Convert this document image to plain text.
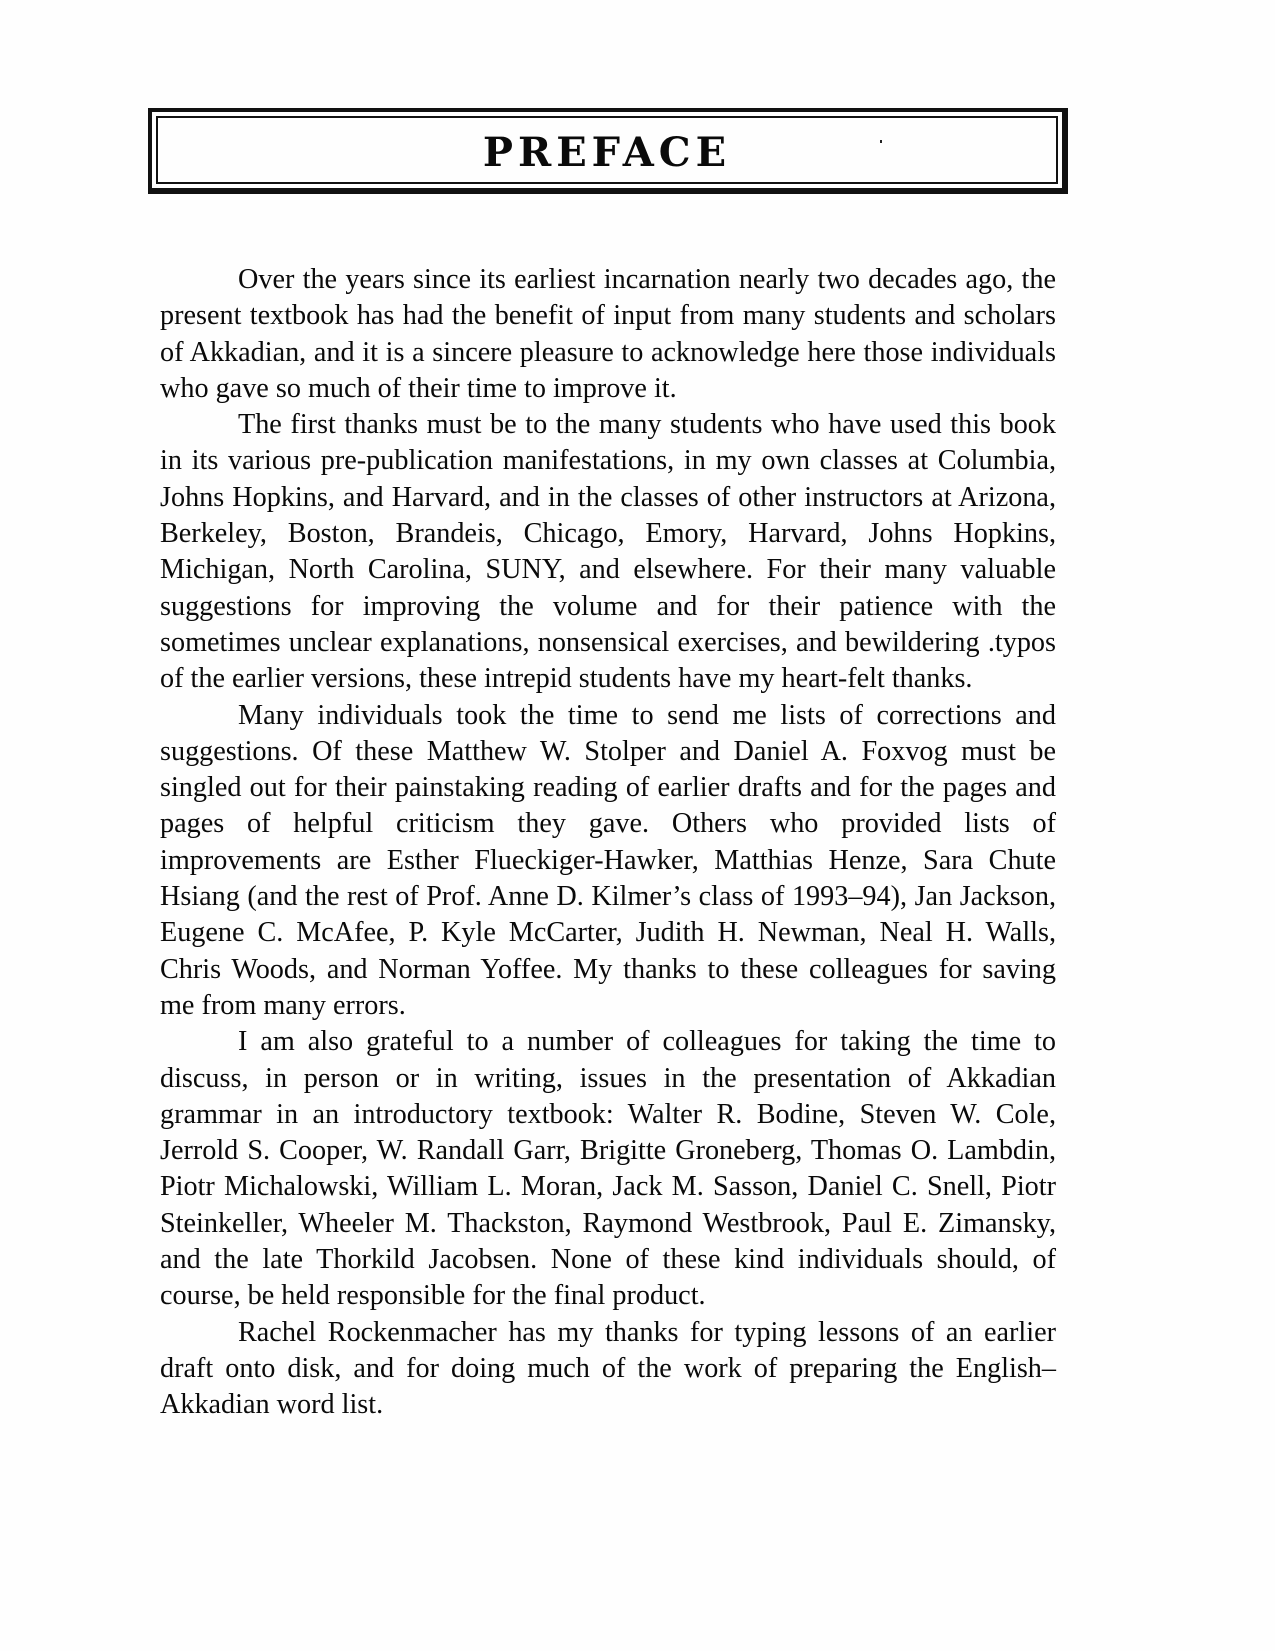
PREFACE

Over the years since its earliest incarnation nearly two decades ago, the present textbook has had the benefit of input from many students and scholars of Akkadian, and it is a sincere pleasure to acknowledge here those individuals who gave so much of their time to improve it.

The first thanks must be to the many students who have used this book in its various pre-publication manifestations, in my own classes at Columbia, Johns Hopkins, and Harvard, and in the classes of other instructors at Arizona, Berkeley, Boston, Brandeis, Chicago, Emory, Harvard, Johns Hopkins, Michigan, North Carolina, SUNY, and elsewhere. For their many valuable suggestions for improving the volume and for their patience with the sometimes unclear explanations, nonsensical exercises, and bewildering .typos of the earlier versions, these intrepid students have my heart-felt thanks.

Many individuals took the time to send me lists of corrections and suggestions. Of these Matthew W. Stolper and Daniel A. Foxvog must be singled out for their painstaking reading of earlier drafts and for the pages and pages of helpful criticism they gave. Others who provided lists of improvements are Esther Flueckiger-Hawker, Matthias Henze, Sara Chute Hsiang (and the rest of Prof. Anne D. Kilmer’s class of 1993–94), Jan Jackson, Eugene C. McAfee, P. Kyle McCarter, Judith H. Newman, Neal H. Walls, Chris Woods, and Norman Yoffee. My thanks to these colleagues for saving me from many errors.

I am also grateful to a number of colleagues for taking the time to discuss, in person or in writing, issues in the presentation of Akkadian grammar in an introductory textbook: Walter R. Bodine, Steven W. Cole, Jerrold S. Cooper, W. Randall Garr, Brigitte Groneberg, Thomas O. Lambdin, Piotr Michalowski, William L. Moran, Jack M. Sasson, Daniel C. Snell, Piotr Steinkeller, Wheeler M. Thackston, Raymond Westbrook, Paul E. Zimansky, and the late Thorkild Jacobsen. None of these kind individuals should, of course, be held responsible for the final product.

Rachel Rockenmacher has my thanks for typing lessons of an earlier draft onto disk, and for doing much of the work of preparing the English–Akkadian word list.
